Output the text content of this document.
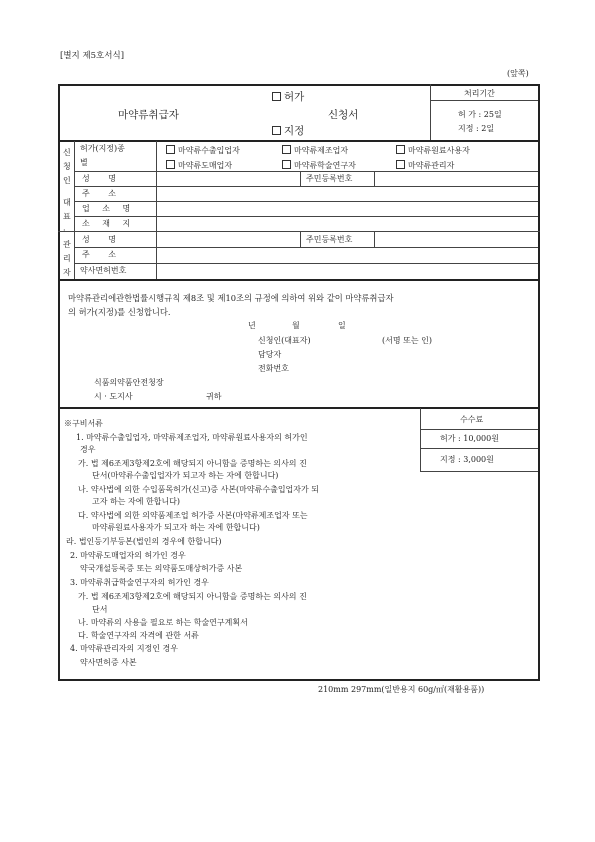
[별지 제5호서식]
(앞쪽)
마약류취급자
허가
지정
신청서
처리기간
허 가 : 25일
지정 : 2일
신청인
허가(지정)종
별
마약류수출입업자	마약류제조업자	마약류원료사용자
마약류도매업자	마약류학술연구자	마약류관리자
성 명	주민등록번호
주 소
업 소 명
소 재 지
대표·관리자
성 명	주민등록번호
주 소
약사면허번호
마약류관리에관한법률시행규칙 제8조 및 제10조의 규정에 의하여 위와 같이 마약류취급자
의 허가(지정)를 신청합니다.
년	월	일
신청인(대표자)	(서명 또는 인)
담당자
전화번호
식품의약품안전청장
시 · 도지사	귀하
※구비서류
1. 마약류수출입업자, 마약류제조업자, 마약류원료사용자의 허가인
경우
가. 법 제6조제3항제2호에 해당되지 아니함을 증명하는 의사의 진
단서(마약류수출입업자가 되고자 하는 자에 한합니다)
나. 약사법에 의한 수입품목허가(신고)증 사본(마약류수출입업자가 되
고자 하는 자에 한합니다)
다. 약사법에 의한 의약품제조업 허가증 사본(마약류제조업자 또는
마약류원료사용자가 되고자 하는 자에 한합니다)
라. 법인등기부등본(법인의 경우에 한합니다)
2. 마약류도매업자의 허가인 경우
약국개설등록증 또는 의약품도매상허가증 사본
3. 마약류취급학술연구자의 허가인 경우
가. 법 제6조제3항제2호에 해당되지 아니함을 증명하는 의사의 진
단서
나. 마약류의 사용을 필요로 하는 학술연구계획서
다. 학술연구자의 자격에 관한 서류
4. 마약류관리자의 지정인 경우
약사면허증 사본
수수료
허가 : 10,000원
지정 : 3,000원
210mm 297mm(일반용지 60g/㎡(재활용품))
